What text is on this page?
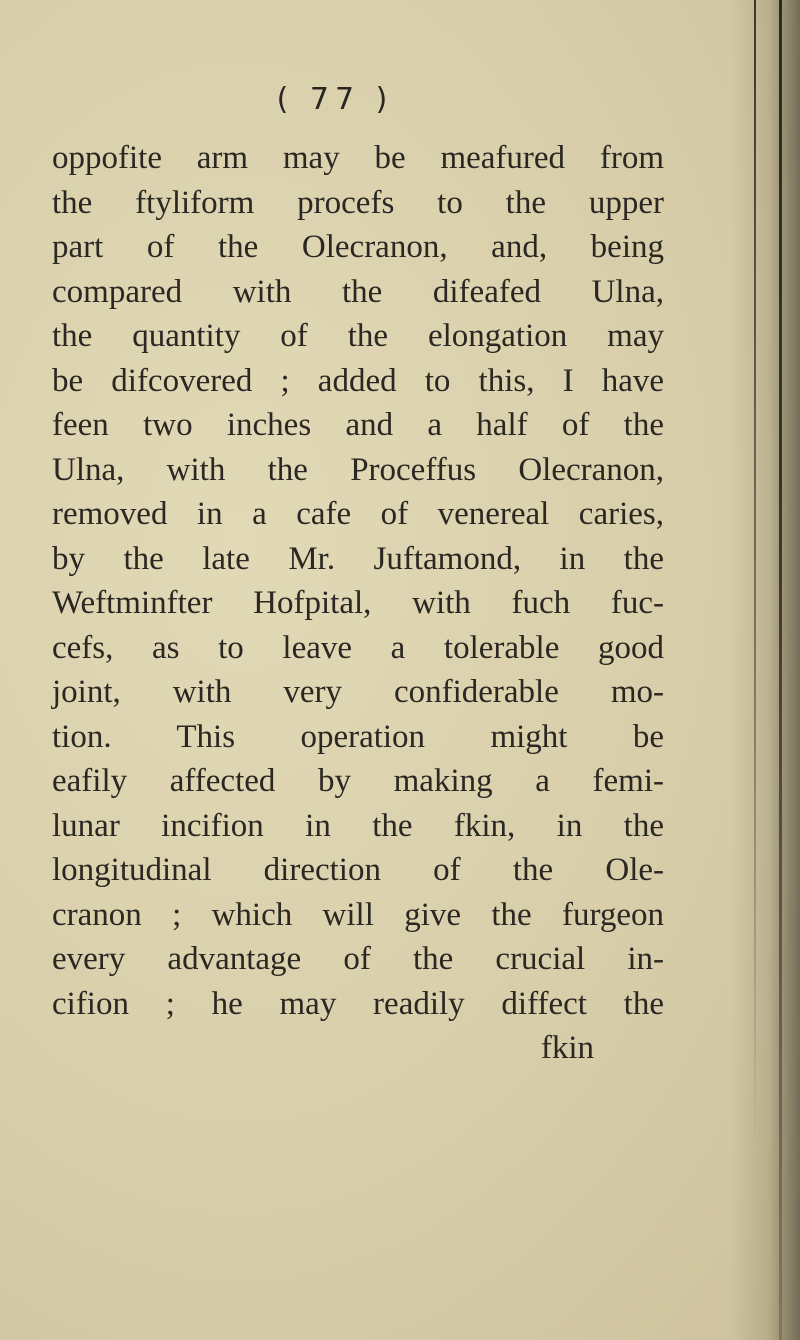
( 77 )
oppofite arm may be meafured from
the ftyliform procefs to the upper
part of the Olecranon, and, being
compared with the difeafed Ulna,
the quantity of the elongation may
be difcovered ; added to this, I have
feen two inches and a half of the
Ulna, with the Proceffus Olecranon,
removed in a cafe of venereal caries,
by the late Mr. Juftamond, in the
Weftminfter Hofpital, with fuch fuc-
cefs, as to leave a tolerable good
joint, with very confiderable mo-
tion. This operation might be
eafily affected by making a femi-
lunar incifion in the fkin, in the
longitudinal direction of the Ole-
cranon ; which will give the furgeon
every advantage of the crucial in-
cifion ; he may readily diffect the
fkin
